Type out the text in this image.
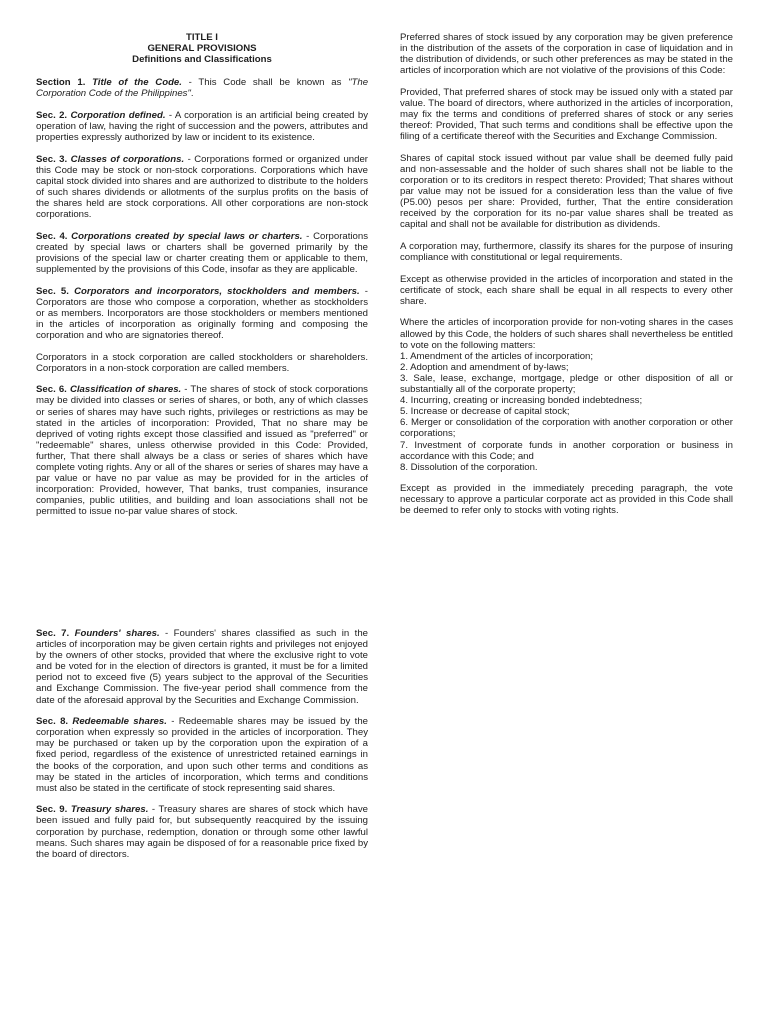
TITLE I

GENERAL PROVISIONS

Definitions and Classifications

Section 1. Title of the Code. - This Code shall be known as "The Corporation Code of the Philippines".

Sec. 2. Corporation defined. - A corporation is an artificial being created by operation of law, having the right of succession and the powers, attributes and properties expressly authorized by law or incident to its existence.

Sec. 3. Classes of corporations. - Corporations formed or organized under this Code may be stock or non-stock corporations. Corporations which have capital stock divided into shares and are authorized to distribute to the holders of such shares dividends or allotments of the surplus profits on the basis of the shares held are stock corporations. All other corporations are non-stock corporations.

Sec. 4. Corporations created by special laws or charters. - Corporations created by special laws or charters shall be governed primarily by the provisions of the special law or charter creating them or applicable to them, supplemented by the provisions of this Code, insofar as they are applicable.

Sec. 5. Corporators and incorporators, stockholders and members. - Corporators are those who compose a corporation, whether as stockholders or as members. Incorporators are those stockholders or members mentioned in the articles of incorporation as originally forming and composing the corporation and who are signatories thereof.

Corporators in a stock corporation are called stockholders or shareholders. Corporators in a non-stock corporation are called members.

Sec. 6. Classification of shares. - The shares of stock of stock corporations may be divided into classes or series of shares, or both, any of which classes or series of shares may have such rights, privileges or restrictions as may be stated in the articles of incorporation: Provided, That no share may be deprived of voting rights except those classified and issued as "preferred" or "redeemable" shares, unless otherwise provided in this Code: Provided, further, That there shall always be a class or series of shares which have complete voting rights. Any or all of the shares or series of shares may have a par value or have no par value as may be provided for in the articles of incorporation: Provided, however, That banks, trust companies, insurance companies, public utilities, and building and loan associations shall not be permitted to issue no-par value shares of stock.

Preferred shares of stock issued by any corporation may be given preference in the distribution of the assets of the corporation in case of liquidation and in the distribution of dividends, or such other preferences as may be stated in the articles of incorporation which are not violative of the provisions of this Code:

Provided, That preferred shares of stock may be issued only with a stated par value. The board of directors, where authorized in the articles of incorporation, may fix the terms and conditions of preferred shares of stock or any series thereof: Provided, That such terms and conditions shall be effective upon the filing of a certificate thereof with the Securities and Exchange Commission.

Shares of capital stock issued without par value shall be deemed fully paid and non-assessable and the holder of such shares shall not be liable to the corporation or to its creditors in respect thereto: Provided; That shares without par value may not be issued for a consideration less than the value of five (P5.00) pesos per share: Provided, further, That the entire consideration received by the corporation for its no-par value shares shall be treated as capital and shall not be available for distribution as dividends.

A corporation may, furthermore, classify its shares for the purpose of insuring compliance with constitutional or legal requirements.

Except as otherwise provided in the articles of incorporation and stated in the certificate of stock, each share shall be equal in all respects to every other share.

Where the articles of incorporation provide for non-voting shares in the cases allowed by this Code, the holders of such shares shall nevertheless be entitled to vote on the following matters:

1. Amendment of the articles of incorporation;
2. Adoption and amendment of by-laws;
3. Sale, lease, exchange, mortgage, pledge or other disposition of all or substantially all of the corporate property;
4. Incurring, creating or increasing bonded indebtedness;
5. Increase or decrease of capital stock;
6. Merger or consolidation of the corporation with another corporation or other corporations;
7. Investment of corporate funds in another corporation or business in accordance with this Code; and
8. Dissolution of the corporation.

Except as provided in the immediately preceding paragraph, the vote necessary to approve a particular corporate act as provided in this Code shall be deemed to refer only to stocks with voting rights.

Sec. 7. Founders' shares. - Founders' shares classified as such in the articles of incorporation may be given certain rights and privileges not enjoyed by the owners of other stocks, provided that where the exclusive right to vote and be voted for in the election of directors is granted, it must be for a limited period not to exceed five (5) years subject to the approval of the Securities and Exchange Commission. The five-year period shall commence from the date of the aforesaid approval by the Securities and Exchange Commission.

Sec. 8. Redeemable shares. - Redeemable shares may be issued by the corporation when expressly so provided in the articles of incorporation. They may be purchased or taken up by the corporation upon the expiration of a fixed period, regardless of the existence of unrestricted retained earnings in the books of the corporation, and upon such other terms and conditions as may be stated in the articles of incorporation, which terms and conditions must also be stated in the certificate of stock representing said shares.

Sec. 9. Treasury shares. - Treasury shares are shares of stock which have been issued and fully paid for, but subsequently reacquired by the issuing corporation by purchase, redemption, donation or through some other lawful means. Such shares may again be disposed of for a reasonable price fixed by the board of directors.
